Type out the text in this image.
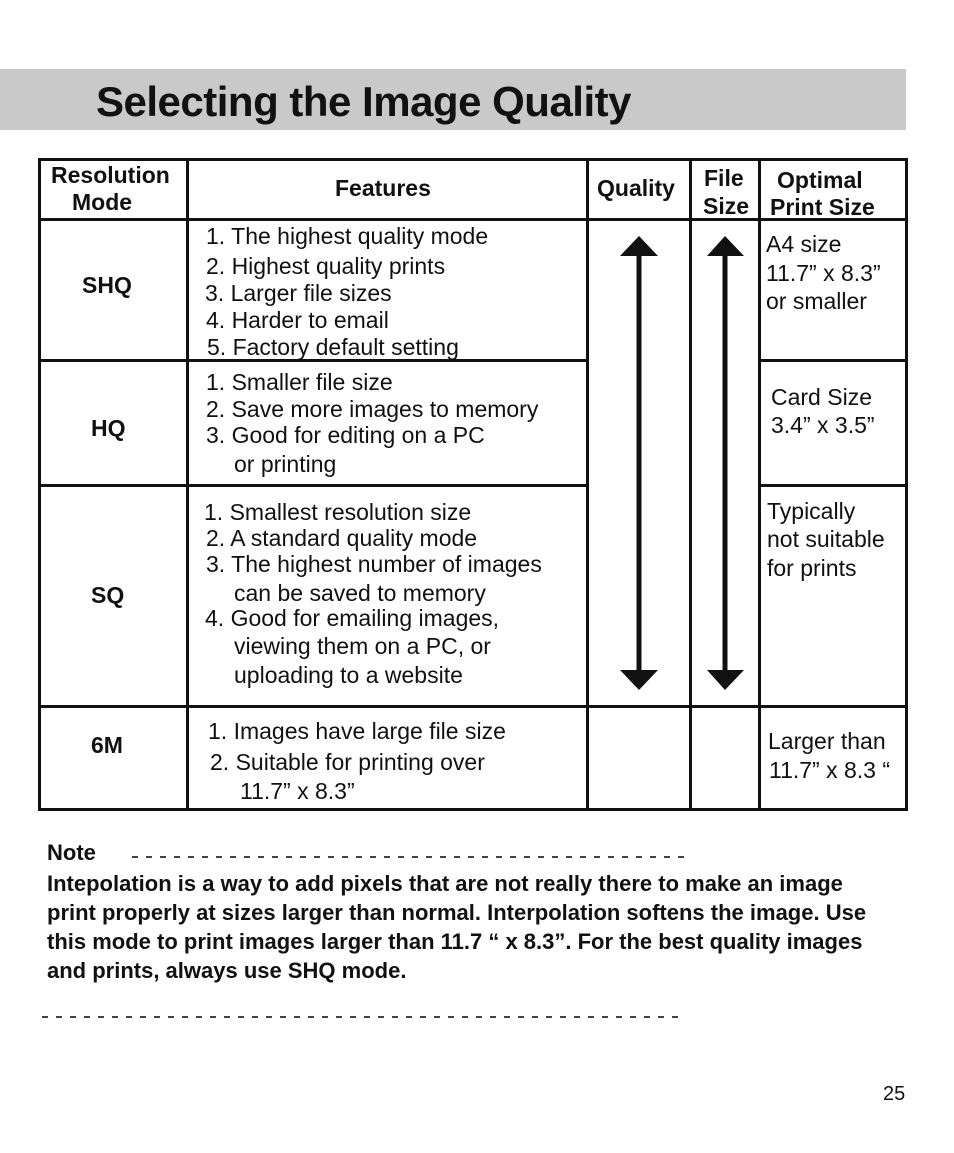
Selecting the Image Quality
Resolution
Mode
Features	Quality File
Size
Optimal
Print Size
SHQ
1. The highest quality mode
2. Highest quality prints
3. Larger file sizes
4. Harder to email
5. Factory default setting
A4 size
11.7” x 8.3”
or smaller
HQ
1. Smaller file size
2. Save more images to memory
3. Good for editing on a PC
or printing
Card Size
3.4” x 3.5”
SQ
1. Smallest resolution size
2. A standard quality mode
3. The highest number of images
can be saved to memory
4. Good for emailing images,
viewing them on a PC, or
uploading to a website
Typically
not suitable
for prints
6M
1. Images have large file size
2. Suitable for printing over
11.7” x 8.3”
Larger than
11.7” x 8.3 “
Note
Intepolation is a way to add pixels that are not really there to make an image print properly at sizes larger than normal. Interpolation softens the image. Use this mode to print images larger than 11.7 “ x 8.3”. For the best quality images and prints, always use SHQ mode.
25
